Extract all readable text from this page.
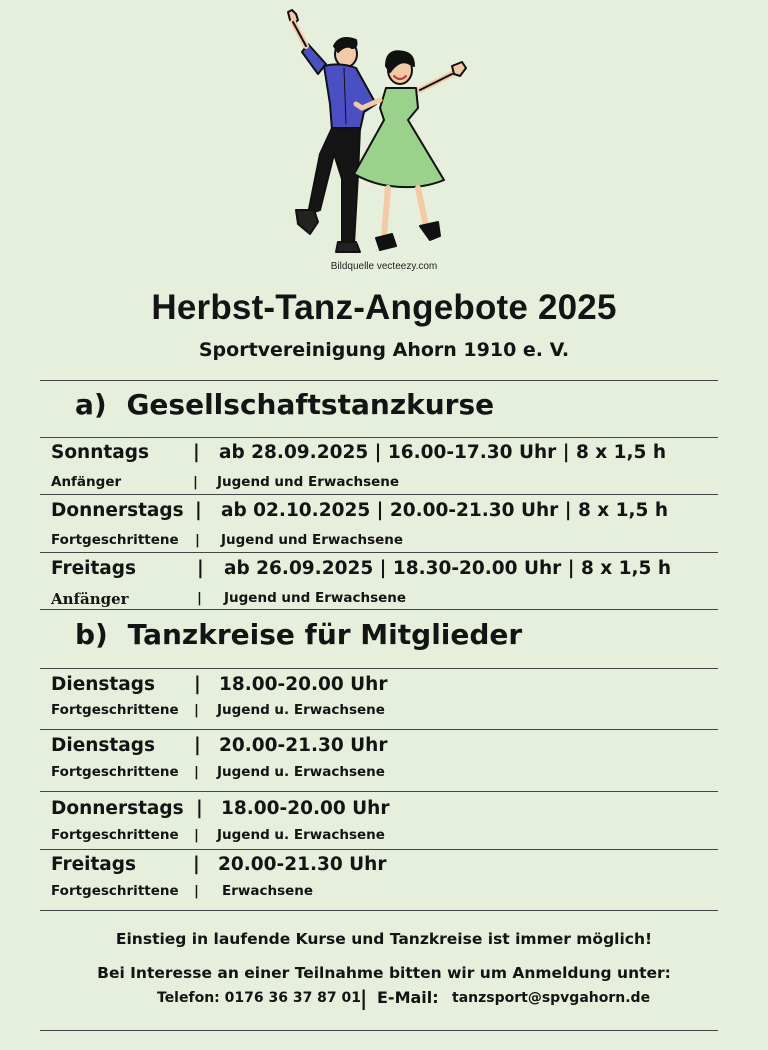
Bildquelle vecteezy.com
Herbst-Tanz-Angebote 2025
Sportvereinigung Ahorn 1910 e. V.
a) Gesellschaftstanzkurse
Sonntags | ab 28.09.2025 | 16.00-17.30 Uhr | 8 x 1,5 h
Anfänger	| Jugend und Erwachsene
Donnerstags | ab 02.10.2025 | 20.00-21.30 Uhr | 8 x 1,5 h
Fortgeschrittene | Jugend und Erwachsene
Freitags	| ab 26.09.2025 | 18.30-20.00 Uhr | 8 x 1,5 h
Anfänger	| Jugend und Erwachsene
b) Tanzkreise für Mitglieder
Dienstags | 18.00-20.00 Uhr
Fortgeschrittene | Jugend u. Erwachsene
Dienstags | 20.00-21.30 Uhr
Fortgeschrittene | Jugend u. Erwachsene
Donnerstags | 18.00-20.00 Uhr
Fortgeschrittene | Jugend u. Erwachsene
Freitags	| 20.00-21.30 Uhr
Fortgeschrittene | Erwachsene
Einstieg in laufende Kurse und Tanzkreise ist immer möglich!
Bei Interesse an einer Teilnahme bitten wir um Anmeldung unter:
Telefon: 0176 36 37 87 01
| E-Mail: tanzsport@spvgahorn.de
